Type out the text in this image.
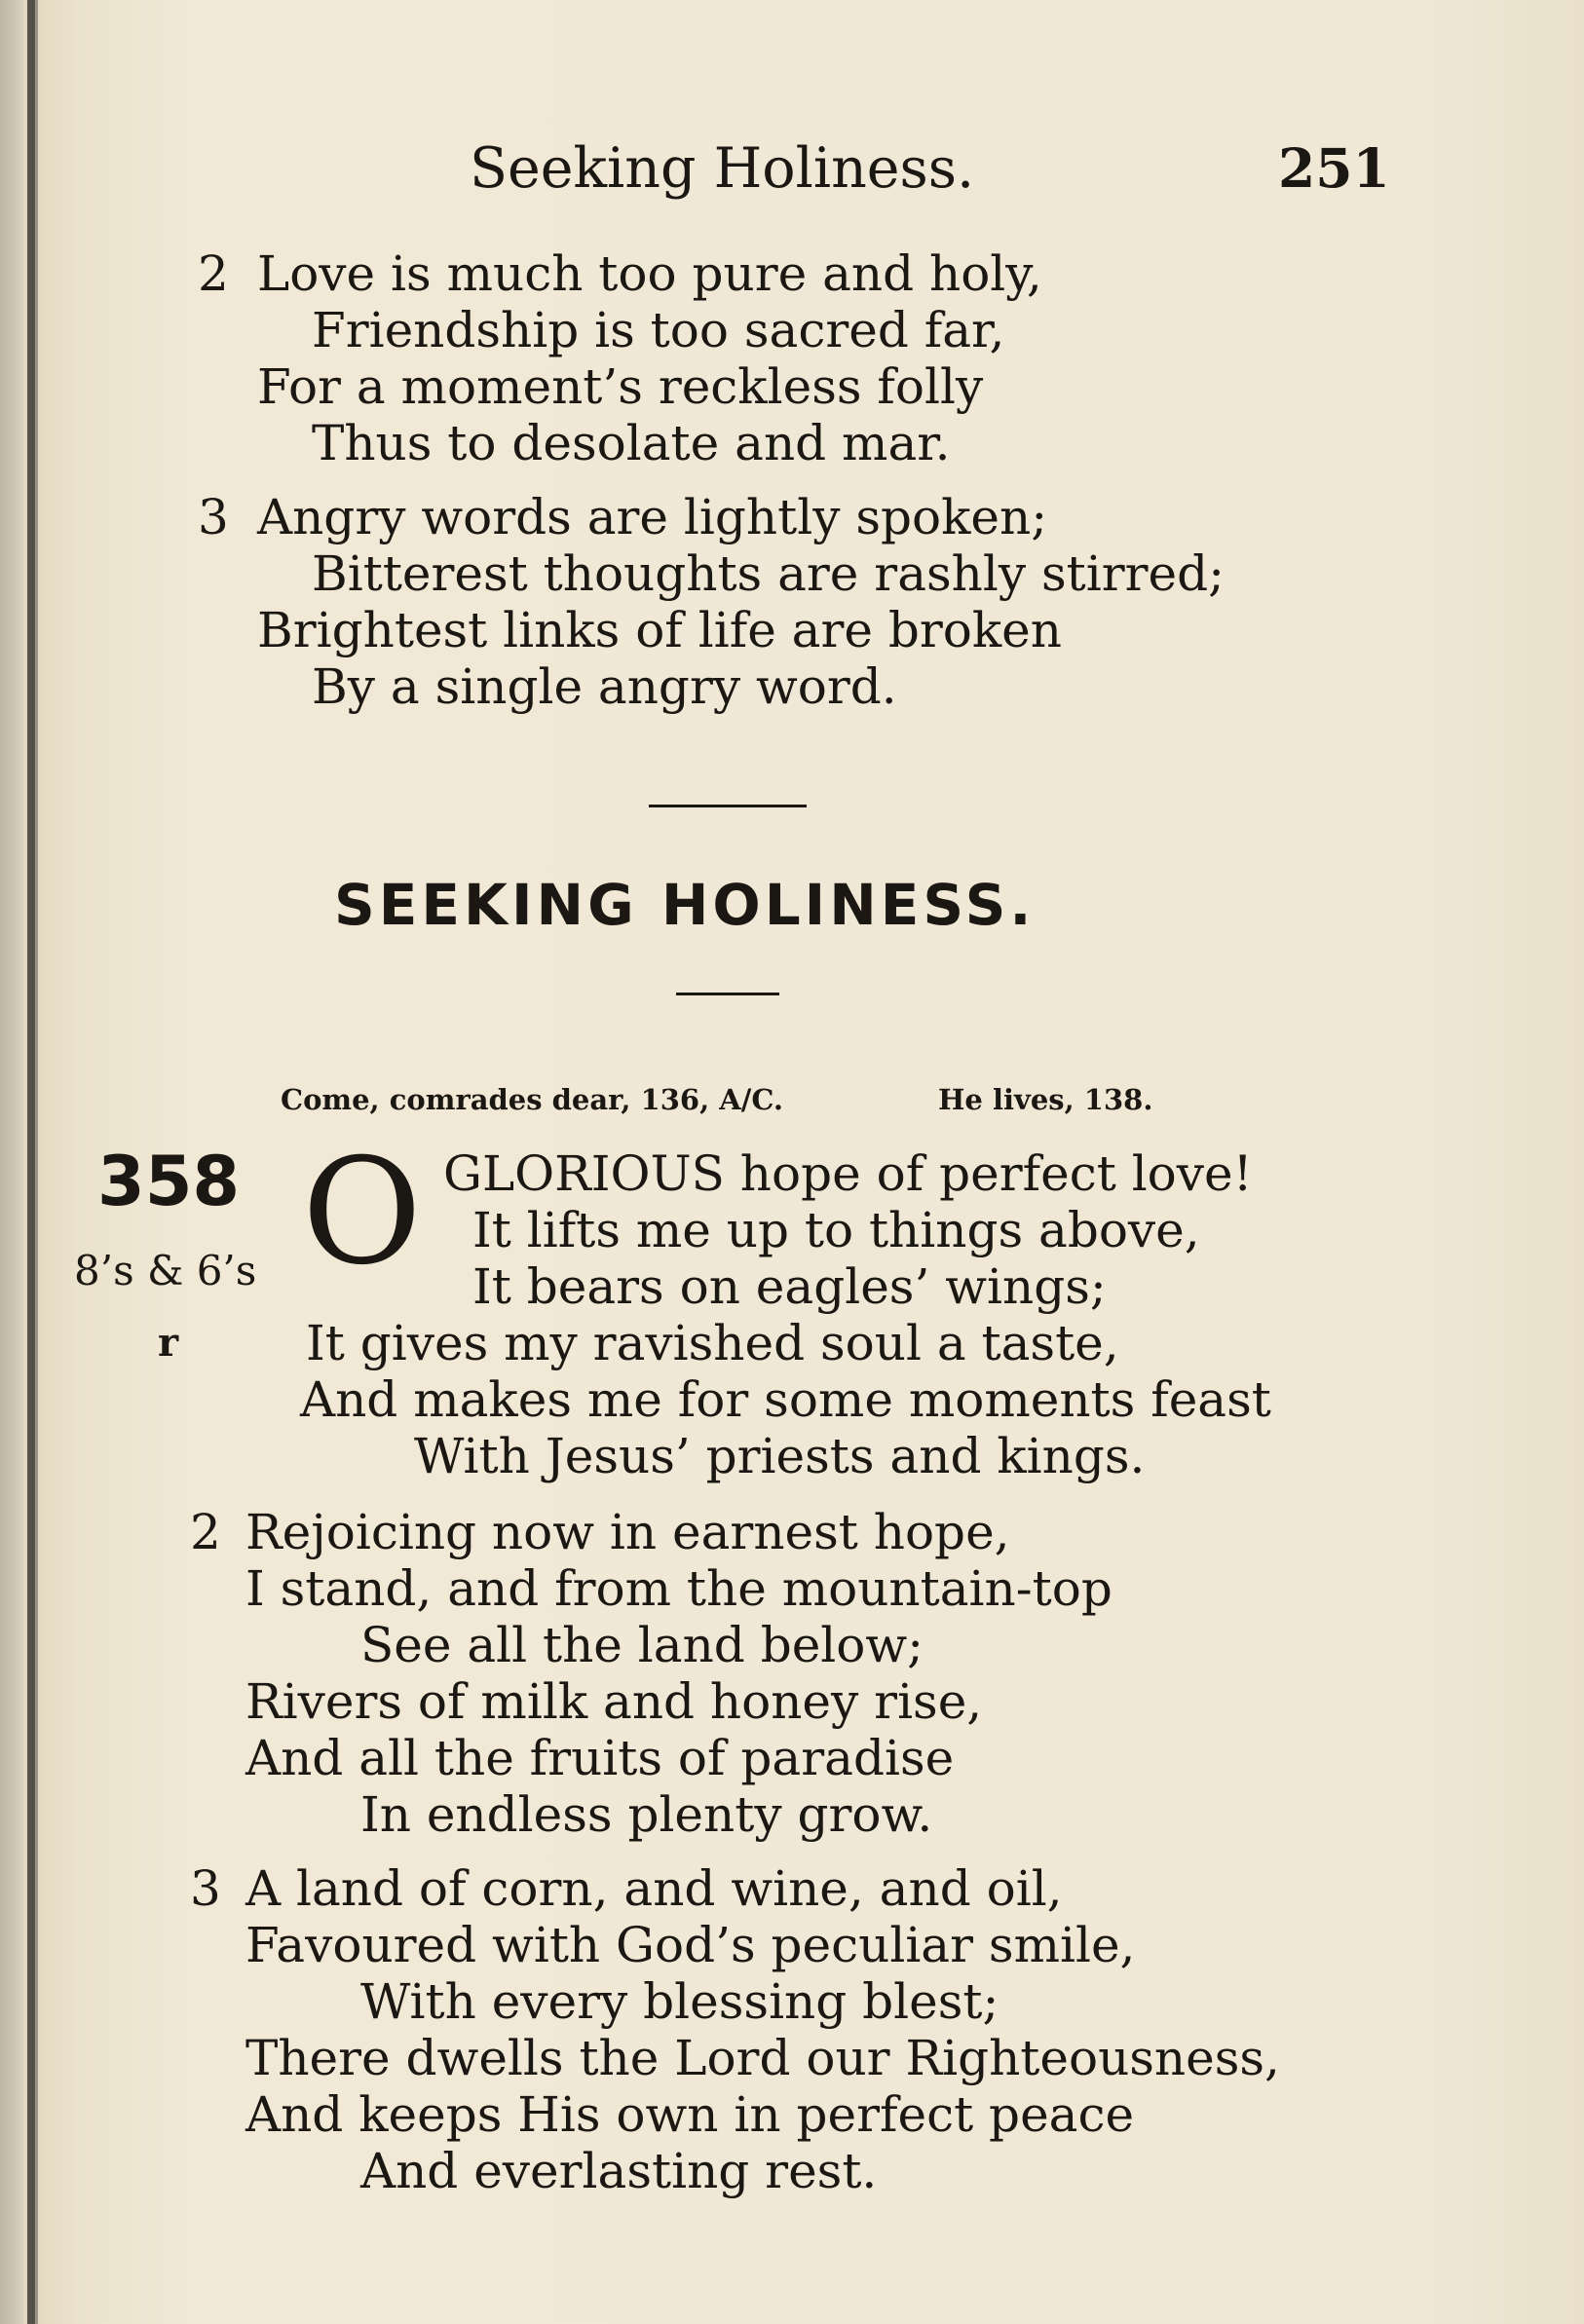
Seeking Holiness.	251
2 Love is much too pure and holy,
Friendship is too sacred far,
For a moment’s reckless folly
Thus to desolate and mar.
3 Angry words are lightly spoken;
Bitterest thoughts are rashly stirred;
Brightest links of life are broken
By a single angry word.
SEEKING HOLINESS.
Come, comrades dear, 136, A/C.	He lives, 138.
358
8’s & 6’s
r
O GLORIOUS hope of perfect love!
It lifts me up to things above,
It bears on eagles’ wings;
It gives my ravished soul a taste,
And makes me for some moments feast
With Jesus’ priests and kings.
2 Rejoicing now in earnest hope,
I stand, and from the mountain-top
See all the land below;
Rivers of milk and honey rise,
And all the fruits of paradise
In endless plenty grow.
3 A land of corn, and wine, and oil,
Favoured with God’s peculiar smile,
With every blessing blest;
There dwells the Lord our Righteousness,
And keeps His own in perfect peace
And everlasting rest.
